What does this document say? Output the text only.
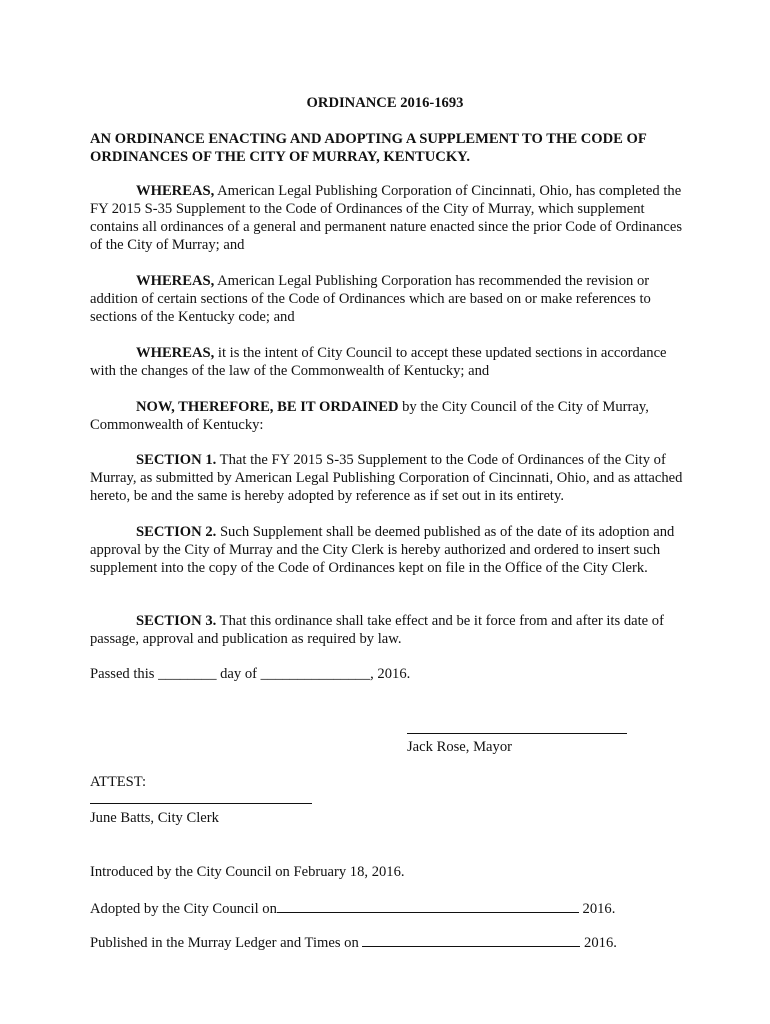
ORDINANCE 2016-1693
AN ORDINANCE ENACTING AND ADOPTING A SUPPLEMENT TO THE CODE OF ORDINANCES OF THE CITY OF MURRAY, KENTUCKY.
WHEREAS, American Legal Publishing Corporation of Cincinnati, Ohio, has completed the FY 2015 S-35 Supplement to the Code of Ordinances of the City of Murray, which supplement contains all ordinances of a general and permanent nature enacted since the prior Code of Ordinances of the City of Murray; and
WHEREAS, American Legal Publishing Corporation has recommended the revision or addition of certain sections of the Code of Ordinances which are based on or make references to sections of the Kentucky code; and
WHEREAS, it is the intent of City Council to accept these updated sections in accordance with the changes of the law of the Commonwealth of Kentucky; and
NOW, THEREFORE, BE IT ORDAINED by the City Council of the City of Murray, Commonwealth of Kentucky:
SECTION 1. That the FY 2015 S-35 Supplement to the Code of Ordinances of the City of Murray, as submitted by American Legal Publishing Corporation of Cincinnati, Ohio, and as attached hereto, be and the same is hereby adopted by reference as if set out in its entirety.
SECTION 2. Such Supplement shall be deemed published as of the date of its adoption and approval by the City of Murray and the City Clerk is hereby authorized and ordered to insert such supplement into the copy of the Code of Ordinances kept on file in the Office of the City Clerk.
SECTION 3. That this ordinance shall take effect and be it force from and after its date of passage, approval and publication as required by law.
Passed this ________ day of _______________, 2016.
Jack Rose, Mayor
ATTEST:
June Batts, City Clerk
Introduced by the City Council on February 18, 2016.
Adopted by the City Council on	2016.
Published in the Murray Ledger and Times on	2016.
